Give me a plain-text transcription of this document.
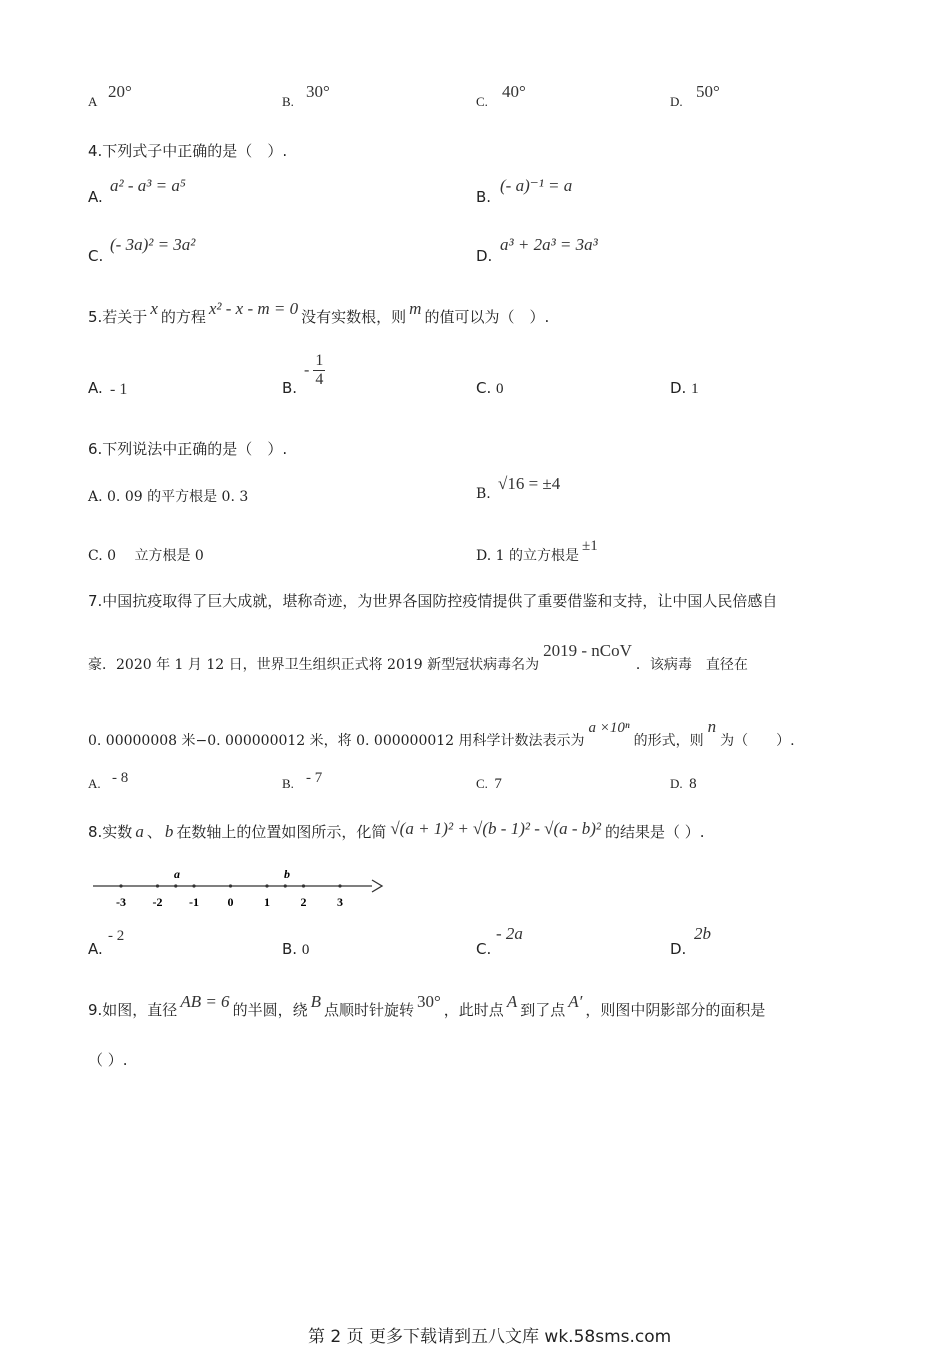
A
20°
B.
30°
C.
40°
D.
50°
4.下列式子中正确的是（　）.
A.
a² - a³ = a⁵
B.
(- a)⁻¹ = a
C.
(- 3a)² = 3a²
D.
a³ + 2a³ = 3a³
5.若关于 x 的方程 x² - x - m = 0 没有实数根，则 m 的值可以为（　）.
A. - 1	B.
- $\frac{1}{4}$	C. 0	D. 1
6.下列说法中正确的是（　）.
A. 0. 09 的平方根是 0. 3	B.
√16 = ±4
C. 0　 立方根是 0	D. 1 的立方根是±1
7.中国抗疫取得了巨大成就，堪称奇迹，为世界各国防控疫情提供了重要借鉴和支持，让中国人民倍感自
豪．2020 年 1 月 12 日，世界卫生组织正式将 2019 新型冠状病毒名为2019 - nCoV．该病毒　直径在
0. 00000008 米−0. 000000012 米，将 0. 000000012 用科学计数法表示为a ×10ⁿ的形式，则n为（　　）.
A. - 8	B. - 7	C. 7	D. 8
8.实数 a 、 b 在数轴上的位置如图所示，化简 √(a + 1)² + √(b - 1)² - √(a - b)² 的结果是（ ）.
-3 -2 -1 0	1	2	3
a	b
A.
- 2
B. 0	C.
- 2a
D.
2b
9.如图，直径 AB = 6 的半圆，绕 B 点顺时针旋转 30° ，此时点 A 到了点 A′ ，则图中阴影部分的面积是
（ ）.
第 2 页 更多下载请到五八文库 wk.58sms.com
